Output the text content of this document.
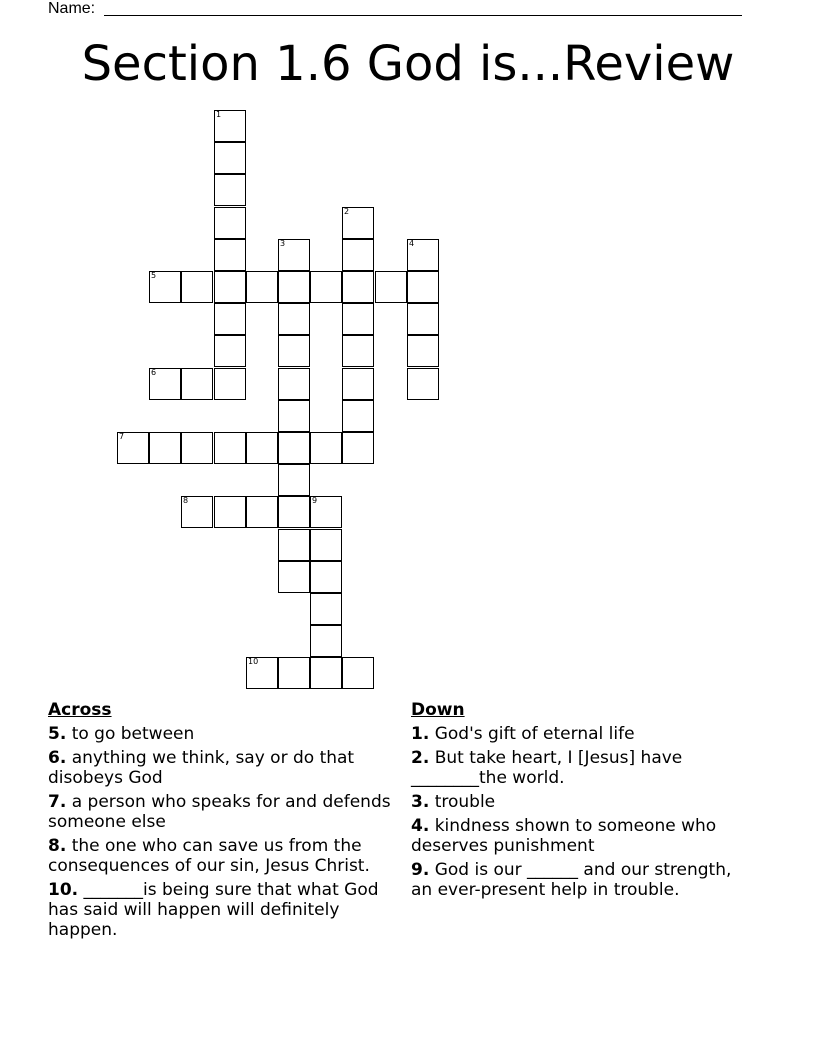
Name:
Section 1.6 God is...Review
1
2
3	4
5
6
7
8	9
10
Across
5. to go between
6. anything we think, say or do that disobeys God
7. a person who speaks for and defends someone else
8. the one who can save us from the consequences of our sin, Jesus Christ.
10. _______is being sure that what God has said will happen will definitely happen.
Down
1. God's gift of eternal life
2. But take heart, I [Jesus] have ________the world.
3. trouble
4. kindness shown to someone who deserves punishment
9. God is our ______ and our strength, an ever-present help in trouble.
